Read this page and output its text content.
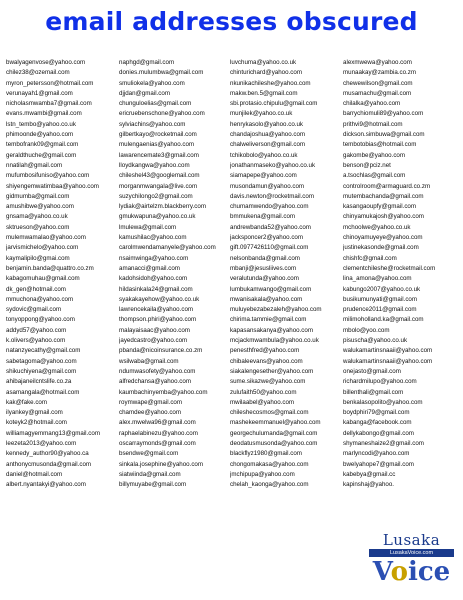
email addresses obscured
bwalyagenvose@yahoo.com
chilez38@ozemail.com
myron_petersson@hotmail.com
verunayah1@gmail.com
nicholasmwamba7@gmail.com
evans.mwambi@gmail.com
lstn_tembo@yahoo.co.uk
phimoonde@yahoo.com
tembofrank09@gmail.com
geraldthuche@gmail.com
nnatilah@gmail.com
mufumbosifuniso@yahoo.com
shiyengemwatimbaa@yahoo.com
gidmumba@gmail.com
amushibwe@yahoo.com
gnsama@yahoo.co.uk
sktrueson@yahoo.com
mulemwamalao@yahoo.com
jarvismichelo@yahoo.com
kaymalipilo@gmai.com
benjamin.banda@quattro.co.zm
kabagomuhau@gmail.com
dk_gen@hotmail.com
mmuchona@yahoo.com
sydovic@gmail.com
tonyoppong@yahoo.com
addyd57@yahoo.com
k.olivers@yahoo.com
natanzyecathy@gmail.com
sabetagoma@yahoo.com
shikuchiyena@gmail.com
ahibajaneilcntslife.co.za
asamangala@hotmail.com
kak@fake.com
ilyankey@gmail.com
koteyk2@hotmail.com
williamagyemmang13@gmail.com
leezeta2013@yahoo.com
kennedy_author90@yahoo.ca
anthonycmusonda@gmail.com
daniel@hotmail.com
albert.nyantakyi@yahoo.com
naphgd@gmail.com
donies.mulumbwa@gmail.com
smuliokela@yahoo.com
djjdan@gmail.com
chunguloelias@gmail.com
ericruebenschone@yahoo.com
sylviachins@yahoo.com
gilbertkayo@rocketmail.com
mulengaenias@yahoo.com
lawarencemate3@gmail.com
lloydkangwa@yahoo.com
chileshel43@googlemail.com
morganmwangala@live.com
suzychilongo2@gmail.com
lydiak@airtelzm.blackberry.com
gmukwapuna@yahoo.co.uk
lmulewa@gmail.com
kamushilac@yahoo.com
carolmwendamanyele@yahoo.com
nsaimwinga@yahoo.com
amanacci@gmail.com
kadohsidoh@yahoo.com
hildasinkala24@gmail.com
syakakayehow@yahoo.co.uk
lawrencekaila@yahoo.com
thompson.phiri@yahoo.com
malayaisaac@yahoo.com
jayedcastro@yahoo.com
pbanda@nicoinsurance.co.zm
wsilwaba@gmail.com
ndumwasofety@yahoo.com
alfredchansa@yahoo.com
kaumbachinyemba@yahoo.com
roymwape@gmail.com
chamdee@yahoo.com
alex.mwelwa96@gmail.com
raphaelabinezu@yahoo.com
oscarraymonds@gmail.com
bsendwe@gmail.com
sinkala.josephine@yahoo.com
siatwiinda@gmail.com
billymuyabe@gmail.com
luvchuma@yahoo.co.uk
chinturichard@yahoo.com
nkunikachileshe@yahoo.com
makw.ben.5@gmail.com
sbi.protasio.chipulu@gmail.com
munjilek@yahoo.co.uk
henrykasolo@yahoo.co.uk
chandajoshua@yahoo.com
chalweliverson@gmail.com
tchikobolo@yahoo.co.uk
jonathanmaseko@yahoo.co.uk
siamapepe@yahoo.com
musondamun@yahoo.com
davis.newton@rocketmail.com
chumamwendo@yahoo.com
bmmukena@gmail.com
andrewbanda52@yahoo.com
jacksponcer2@yahoo.com
gift.0977426110@gmail.com
nelsonbanda@gmail.com
mbanji@jesusliives.com
veralutunda@yahoo.com
lumbukamwango@gmail.com
mwanisakala@yahoo.com
muluyebezabezaleh@yahoo.com
chirima.tammie@gmail.com
kapasansakanya@yahoo.com
mcjackmwambula@yahoo.co.uk
penesthfred@yahoo.com
chibaleevans@yahoo.com
siakalengesether@yahoo.com
sume.sikazwe@yahoo.com
zulufaith50@yahoo.com
mwilaabel@yahoo.com
chileshecosmos@gmail.com
mashekeemmanuel@yahoo.com
georgechulumanda@gmail.com
deodatusmusonda@yahoo.com
blackflyz1980@gmail.com
chongomakasa@yahoo.com
jmchipupa@yahoo.com
chelah_kaonga@yahoo.com
alexmwewa@yahoo.com
munaakay@zambia.co.zm
chewewilson@gmail.com
musamachu@gmail.com
chilalka@yahoo.com
barrychiomuli89@yahoo.com
prithvi9@hotmail.com
dickson.simbuwa@gmail.com
tembotobias@hotmail.com
gakombe@yahoo.com
benson@pciz.net
a.tsochlas@gmail.com
controlroom@armaguard.co.zm
mutembachanda@gmail.com
kasangaoupfy@gmail.com
chinyamukajosh@yahoo.com
mchoolwe@yahoo.co.uk
chinoyamuyeye@yahoo.com
justinekasonde@gmail.com
chishfc@gmail.com
clementchileshe@rocketmail.com
lina_amona@yahoo.com
kabungo2007@yahoo.co.uk
busikumunyati@gmail.com
prudence2011@gmail.com
milimoholland.ka@gmail.com
mbolo@yoo.com
pisuscha@yahoo.co.uk
walukamartinsnaaii@yahoo.com
walukamartinsnaaii@yahoo.com
onejasto@gmail.com
richardmilupo@yahoo.com
billenthali@gmail.com
benkalasopolito@yahoo.com
boydphiri79@gmail.com
kabanga@facebook.com
dellykabongo@gmail.com
shymaneshaize2@gmail.com
marlyncodi@yahoo.com
bwelyahope7@gmail.com
kabebya@gmail.cc
kapinshaj@yahoo.
Lusaka
LusakaVoice.com
Voice
